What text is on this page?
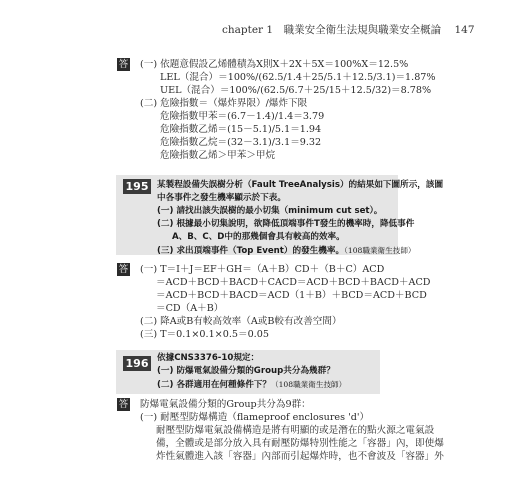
chapter 1　職業安全衛生法規與職業安全概論 147
答 (一) 依題意假設乙烯體積為X則X＋2X＋5X＝100%X＝12.5%
LEL（混合）＝100%/(62.5/1.4＋25/5.1＋12.5/3.1)＝1.87%
UEL（混合）＝100%/(62.5/6.7＋25/15＋12.5/32)＝8.78%
(二) 危險指數＝（爆炸界限）/爆炸下限
危險指數甲苯＝(6.7－1.4)/1.4＝3.79
危險指數乙烯＝(15－5.1)/5.1＝1.94
危險指數乙烷＝(32－3.1)/3.1＝9.32
危險指數乙烯＞甲苯＞甲烷
195 某製程設備失誤樹分析（Fault TreeAnalysis）的結果如下圖所示，該圖
中各事件之發生機率顯示於下表。
(一) 請找出該失誤樹的最小切集（minimum cut set）。
(二) 根據最小切集說明，欲降低頂端事件T發生的機率時，降低事件
A、B、C、D中的那幾個會具有較高的效率。
(三) 求出頂端事件（Top Event）的發生機率。（108職業衛生技師）
答 (一) T＝I＋J＝EF＋GH＝（A＋B）CD＋（B＋C）ACD
＝ACD＋BCD＋BACD＋CACD＝ACD＋BCD＋BACD＋ACD
＝ACD＋BCD＋BACD＝ACD（1＋B）＋BCD＝ACD＋BCD
＝CD（A＋B）
(二) 降A或B有較高效率（A或B較有改善空間）
(三) T＝0.1×0.1×0.5＝0.05
196 依據CNS3376-10規定：
(一) 防爆電氣設備分類的Group共分為幾群？
(二) 各群適用在何種條件下？（108職業衛生技師）
答 防爆電氣設備分類的Group共分為9群：
(一) 耐壓型防爆構造（flameproof enclosures 'd'）
耐壓型防爆電氣設備構造是將有明顯的或是潛在的點火源之電氣設
備，全體或是部分放入具有耐壓防爆特別性能之「容器」內，即使爆
炸性氣體進入該「容器」內部而引起爆炸時，也不會波及「容器」外
